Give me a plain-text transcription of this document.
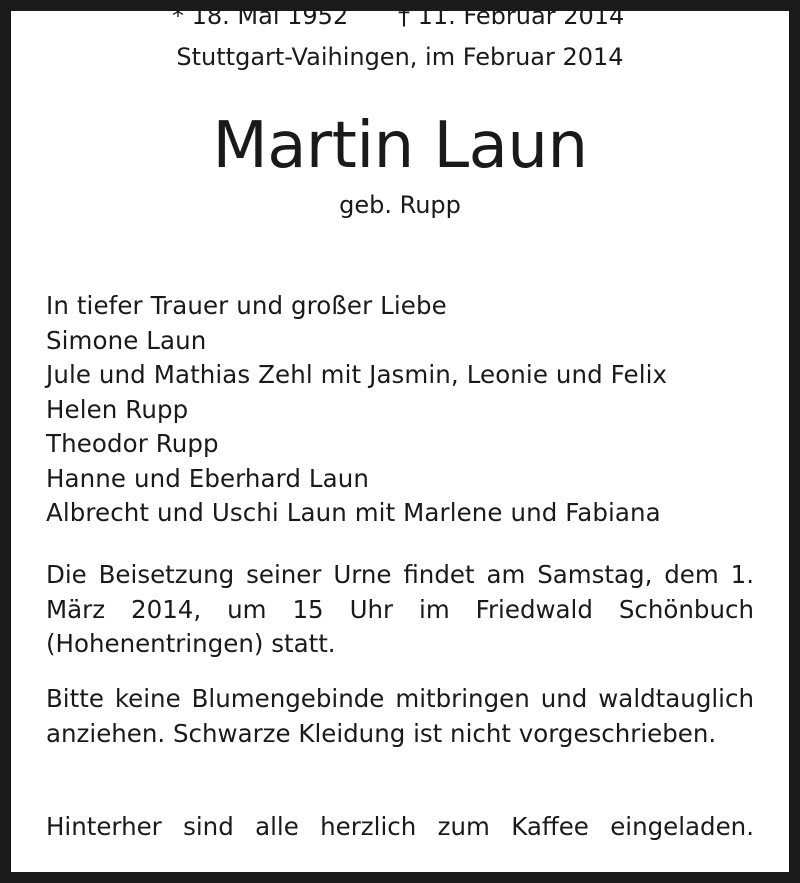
Stuttgart-Vaihingen, im Februar 2014
Martin Laun
geb. Rupp
* 18. Mai 1952 † 11. Februar 2014
In tiefer Trauer und großer Liebe
Simone Laun
Jule und Mathias Zehl mit Jasmin, Leonie und Felix
Helen Rupp
Theodor Rupp
Hanne und Eberhard Laun
Albrecht und Uschi Laun mit Marlene und Fabiana

Die Beisetzung seiner Urne findet am Samstag, dem 1. März 2014, um 15 Uhr im Friedwald Schönbuch (Hohenentringen) statt.

Bitte keine Blumengebinde mitbringen und waldtauglich anziehen. Schwarze Kleidung ist nicht vorgeschrieben.

Hinterher sind alle herzlich zum Kaffee eingeladen.
